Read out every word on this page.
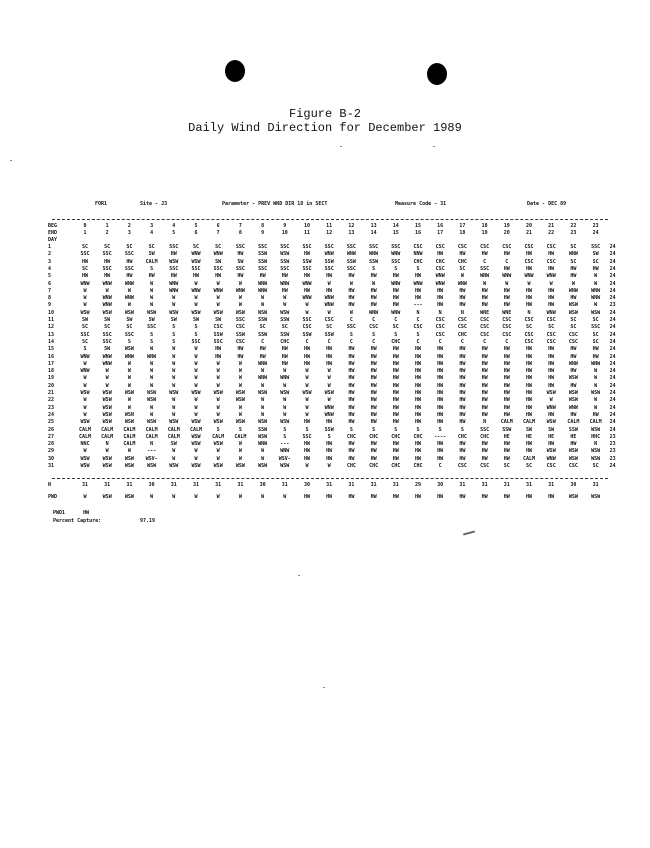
Figure B-2
Daily Wind Direction for December 1989
FOR1	Site - J3	Parameter - PREV WND DIR 18 in SECT	Measure Code - 31	Date - DEC 89
BEG	0	1	2	3	4	5	6	7	8	9	10	11	12	13	14	15	16	17	18	19	20	21	22	23
END	1	2	3	4	5	6	7	8	9	10	11	12	13	14	15	16	17	18	19	20	21	22	23	24
DAY
1	SC	SC	SC	SC	SSC	SC	SC	SSC	SSC	SSC	SSC	SSC	SSC	SSC	SSC	CSC	CSC	CSC	CSC	CSC	CSC	CSC	SC	SSC	24
2	SSC	SSC	SSC	SW	HW	WNW	WNW	HW	SSW	WSW	HW	WNW	WNW	WNW	WNW	NNW	HW	HW	HW	HW	HW	HW	WNW	SW	24
3	HW	HW	HW	CALM	WSW	WSW	SW	SW	SSW	SSW	SSW	SSW	SSW	SSW	SSC	CHC	CHC	CHC	C	C	CSC	CSC	SC	SC	24
4	SC	SSC	SSC	S	SSC	SSC	SSC	SSC	SSC	SSC	SSC	SSC	SSC	S	S	S	CSC	SC	SSC	HW	HW	HW	HW	HW	24
5	HW	HW	HW	HW	HW	HW	HW	HW	HW	HW	HW	HW	HW	HW	HW	HW	WNW	W	WNW	WNW	WNW	WNW	HW	W	24
6	WNW	WNW	WNW	W	WNW	W	W	W	WNW	WNW	WNW	W	W	W	WNW	WNW	WNW	WNW	W	W	W	W	W	W	24
7	W	W	W	W	WNW	WNW	WNW	WNW	WNW	HW	HW	HW	HW	HW	HW	HW	HW	HW	HW	HW	HW	HW	WNW	WNW	24
8	W	WNW	WNW	W	W	W	W	W	W	W	WNW	WNW	HW	HW	HW	HW	HW	HW	HW	HW	HW	HW	HW	WNW	24
9	W	WNW	W	W	W	W	W	W	W	W	W	WNW	HW	HW	HW	---	HW	HW	HW	HW	HW	HW	WSW	W	23
10	WSW	WSW	WSW	WSW	WSW	WSW	WSW	WSW	WSW	WSW	W	W	W	WNW	WNW	N	N	N	WNE	WNE	N	WNW	WSW	WSW	24
11	SW	SW	SW	SW	SW	SW	SW	SSC	SSW	SSW	SSC	CSC	C	C	C	C	CSC	CSC	CSC	CSC	CSC	CSC	SC	SC	24
12	SC	SC	SC	SSC	S	S	CSC	CSC	SC	SC	CSC	SC	SSC	CSC	SC	CSC	CSC	CSC	CSC	CSC	SC	SC	SC	SSC	24
13	SSC	SSC	SSC	S	S	S	SSW	SSW	SSW	SSW	SSW	SSW	S	S	S	S	CSC	CHC	CSC	CSC	CSC	CSC	CSC	SC	24
14	SC	SSC	S	S	S	SSC	SSC	CSC	C	CHC	C	C	C	C	CHC	C	C	C	C	C	CSC	CSC	CSC	SC	24
15	S	SW	WSW	W	W	W	HW	HW	HW	HW	HW	HW	HW	HW	HW	HW	HW	HW	HW	HW	HW	HW	HW	HW	24
16	WNW	WNW	WNW	WNW	W	W	HW	HW	HW	HW	HW	HW	HW	HW	HW	HW	HW	HW	HW	HW	HW	HW	HW	HW	24
17	W	WNW	W	W	W	W	W	W	WNW	HW	HW	HW	HW	HW	HW	HW	HW	HW	HW	HW	HW	HW	WNW	WNW	24
18	WNW	W	W	W	W	W	W	W	W	W	W	W	HW	HW	HW	HW	HW	HW	HW	HW	HW	HW	HW	W	24
19	W	W	W	W	W	W	W	W	WNW	WNW	W	W	HW	HW	HW	HW	HW	HW	HW	HW	HW	HW	WSW	W	24
20	W	W	W	W	W	W	W	W	W	W	W	W	HW	HW	HW	HW	HW	HW	HW	HW	HW	HW	HW	W	24
21	WSW	WSW	WSW	WSW	WSW	WSW	WSW	WSW	WSW	WSW	WSW	WSW	HW	HW	HW	HW	HW	HW	HW	HW	HW	WSW	WSW	WSW	24
22	W	WSW	W	WSW	W	W	W	WSW	W	W	W	W	HW	HW	HW	HW	HW	HW	HW	HW	HW	W	WSW	W	24
23	W	WSW	W	W	W	W	W	W	W	W	W	WNW	HW	HW	HW	HW	HW	HW	HW	HW	HW	WNW	WNW	W	24
24	W	WSW	WSN	W	W	W	W	W	W	W	W	WNW	HW	HW	HW	HW	HW	HW	HW	HW	HW	HW	HW	HW	24
25	WSW	WSW	WSW	WSW	WSW	WSW	WSW	WSW	WSW	WSW	HW	HW	HW	HW	HW	HW	HW	HW	N	CALM	CALM	WSW	CALM	CALM	24
26	CALM	CALM	CALM	CALM	CALM	CALM	S	S	SSW	S	S	SSW	S	S	S	S	S	S	SSC	SSW	SW	SW	SSW	WSW	24
27	CALM	CALM	CALM	CALM	CALM	WSW	CALM	CALM	WSW	S	SSC	S	CHC	CHC	CHC	CHC	----	CHC	CHC	HE	HE	HE	HE	HHC	23
28	NNC	N	CALM	N	SW	WSW	WSW	W	WNW	---	HW	HW	HW	HW	HW	HW	HW	HW	HW	HW	HW	HW	HW	N	23
29	W	W	W	---	W	W	W	W	W	WNW	HW	HW	HW	HW	HW	HW	HW	HW	HW	HW	HW	WSW	WSW	WSW	23
30	WSW	WSW	WSW	WSV-	W	W	W	W	W	WSV-	HW	HW	HW	HW	HW	HW	HW	HW	HW	HW	CALM	WNW	WSW	WSW	23
31	WSW	WSW	WSW	WSW	WSW	WSW	WSW	WSW	WSW	WSW	W	W	CHC	CHC	CHC	CHC	C	CSC	CSC	SC	SC	CSC	CSC	SC	24
N	31	31	31	30	31	31	31	31	30	31	30	31	31	31	31	29	30	31	31	31	31	31	30	31
PWD	W	WSW	WSW	W	W	W	W	W	W	W	HW	HW	HW	HW	HW	HW	HW	HW	HW	HW	HW	HW	WSW	WSW
PWD1      HW
Percent Capture:	97.19
